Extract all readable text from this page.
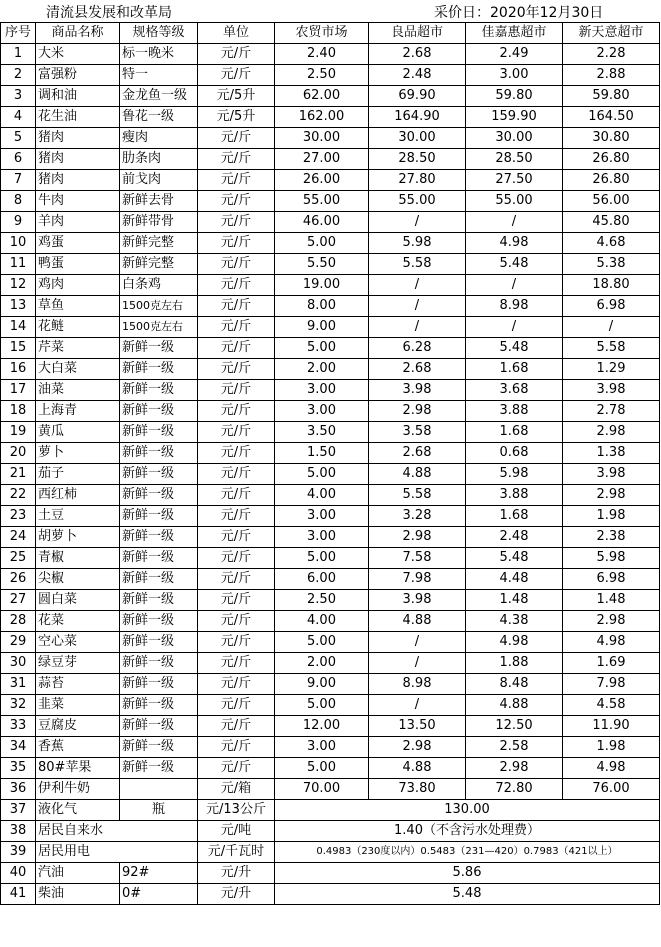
清流县发展和改革局	采价日：2020年12月30日
序号	商品名称	规格等级	单位	农贸市场	良品超市	佳嘉惠超市	新天意超市
1	大米	标一晚米	元/斤	2.40	2.68	2.49	2.28
2	富强粉	特一	元/斤	2.50	2.48	3.00	2.88
3	调和油	金龙鱼一级	元/5升	62.00	69.90	59.80	59.80
4	花生油	鲁花一级	元/5升	162.00	164.90	159.90	164.50
5	猪肉	瘦肉	元/斤	30.00	30.00	30.00	30.80
6	猪肉	肋条肉	元/斤	27.00	28.50	28.50	26.80
7	猪肉	前戈肉	元/斤	26.00	27.80	27.50	26.80
8	牛肉	新鲜去骨	元/斤	55.00	55.00	55.00	56.00
9	羊肉	新鲜带骨	元/斤	46.00	/	/	45.80
10	鸡蛋	新鲜完整	元/斤	5.00	5.98	4.98	4.68
11	鸭蛋	新鲜完整	元/斤	5.50	5.58	5.48	5.38
12	鸡肉	白条鸡	元/斤	19.00	/	/	18.80
13	草鱼	1500克左右	元/斤	8.00	/	8.98	6.98
14	花鲢	1500克左右	元/斤	9.00	/	/	/
15	芹菜	新鲜一级	元/斤	5.00	6.28	5.48	5.58
16	大白菜	新鲜一级	元/斤	2.00	2.68	1.68	1.29
17	油菜	新鲜一级	元/斤	3.00	3.98	3.68	3.98
18	上海青	新鲜一级	元/斤	3.00	2.98	3.88	2.78
19	黄瓜	新鲜一级	元/斤	3.50	3.58	1.68	2.98
20	萝卜	新鲜一级	元/斤	1.50	2.68	0.68	1.38
21	茄子	新鲜一级	元/斤	5.00	4.88	5.98	3.98
22	西红柿	新鲜一级	元/斤	4.00	5.58	3.88	2.98
23	土豆	新鲜一级	元/斤	3.00	3.28	1.68	1.98
24	胡萝卜	新鲜一级	元/斤	3.00	2.98	2.48	2.38
25	青椒	新鲜一级	元/斤	5.00	7.58	5.48	5.98
26	尖椒	新鲜一级	元/斤	6.00	7.98	4.48	6.98
27	圆白菜	新鲜一级	元/斤	2.50	3.98	1.48	1.48
28	花菜	新鲜一级	元/斤	4.00	4.88	4.38	2.98
29	空心菜	新鲜一级	元/斤	5.00	/	4.98	4.98
30	绿豆芽	新鲜一级	元/斤	2.00	/	1.88	1.69
31	蒜苔	新鲜一级	元/斤	9.00	8.98	8.48	7.98
32	韭菜	新鲜一级	元/斤	5.00	/	4.88	4.58
33	豆腐皮	新鲜一级	元/斤	12.00	13.50	12.50	11.90
34	香蕉	新鲜一级	元/斤	3.00	2.98	2.58	1.98
35	80#苹果	新鲜一级	元/斤	5.00	4.88	2.98	4.98
36	伊利牛奶		元/箱	70.00	73.80	72.80	76.00
37	液化气	瓶	元/13公斤	130.00			
38	居民自来水		元/吨	1.40（不含污水处理费）			
39	居民用电		元/千瓦时	0.4983（230度以内）0.5483（231—420）0.7983（421以上）			
40	汽油	92#	元/升	5.86			
41	柴油	0#	元/升	5.48			
